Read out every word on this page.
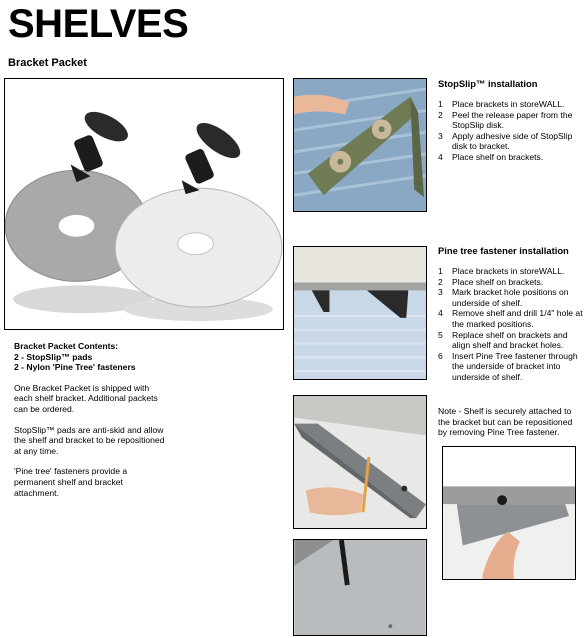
SHELVES
Bracket Packet
StopSlip™ installation
1	Place brackets in storeWALL.
2	Peel the release paper from the StopSlip disk.
3	Apply adhesive side of StopSlip disk to bracket.
4	Place shelf on brackets.
Pine tree fastener installation
1	Place brackets in storeWALL.
2	Place shelf on brackets.
3	Mark bracket hole positions on underside of shelf.
4	Remove shelf and drill 1/4" hole at the marked positions.
5	Replace shelf on brackets and align shelf and bracket holes.
6	Insert Pine Tree fastener through the underside of bracket into underside of shelf.
Note - Shelf is securely attached to the bracket but can be repositioned by removing Pine Tree fastener.
Bracket Packet Contents:
2 - StopSlip™ pads
2 - Nylon 'Pine Tree' fasteners
One Bracket Packet is shipped with each shelf bracket. Additional packets can be ordered.
StopSlip™ pads are anti-skid and allow the shelf and bracket to be repositioned at any time.
'Pine tree' fasteners provide a permanent shelf and bracket attachment.
